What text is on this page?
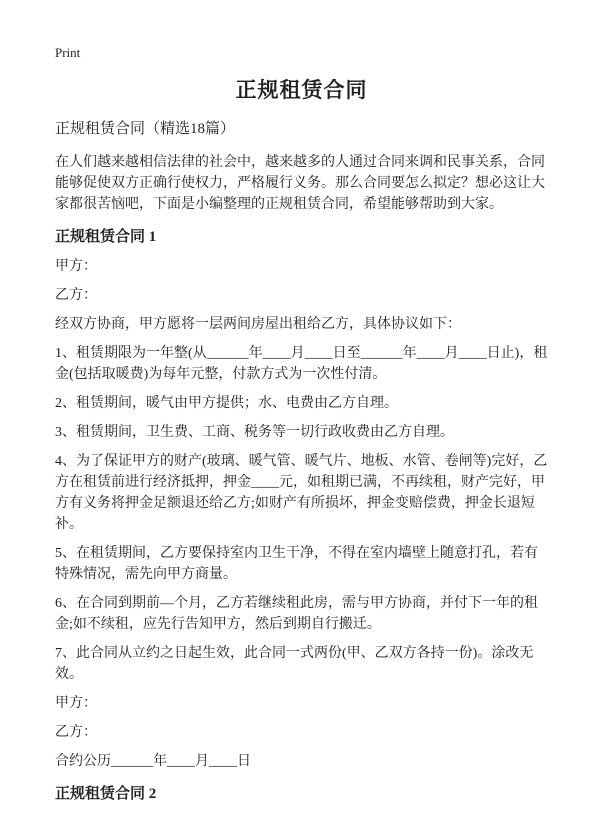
Print
正规租赁合同
正规租赁合同（精选18篇）
在人们越来越相信法律的社会中，越来越多的人通过合同来调和民事关系，合同能够促使双方正确行使权力，严格履行义务。那么合同要怎么拟定？想必这让大家都很苦恼吧，下面是小编整理的正规租赁合同，希望能够帮助到大家。
正规租赁合同 1

甲方：

乙方：

经双方协商，甲方愿将一层两间房屋出租给乙方，具体协议如下：

1、租赁期限为一年整(从______年____月____日至______年____月____日止)，租金(包括取暖费)为每年元整，付款方式为一次性付清。

2、租赁期间，暖气由甲方提供；水、电费由乙方自理。

3、租赁期间，卫生费、工商、税务等一切行政收费由乙方自理。

4、为了保证甲方的财产(玻璃、暖气管、暖气片、地板、水管、卷闸等)完好，乙方在租赁前进行经济抵押，押金____元，如租期已满，不再续租，财产完好，甲方有义务将押金足额退还给乙方;如财产有所损坏，押金变赔偿费，押金长退短补。

5、在租赁期间，乙方要保持室内卫生干净，不得在室内墙壁上随意打孔，若有特殊情况，需先向甲方商量。

6、在合同到期前—个月，乙方若继续租此房，需与甲方协商，并付下一年的租金;如不续租，应先行告知甲方，然后到期自行搬迁。

7、此合同从立约之日起生效，此合同一式两份(甲、乙双方各持一份)。涂改无效。

甲方：

乙方：

合约公历______年____月____日

正规租赁合同 2
